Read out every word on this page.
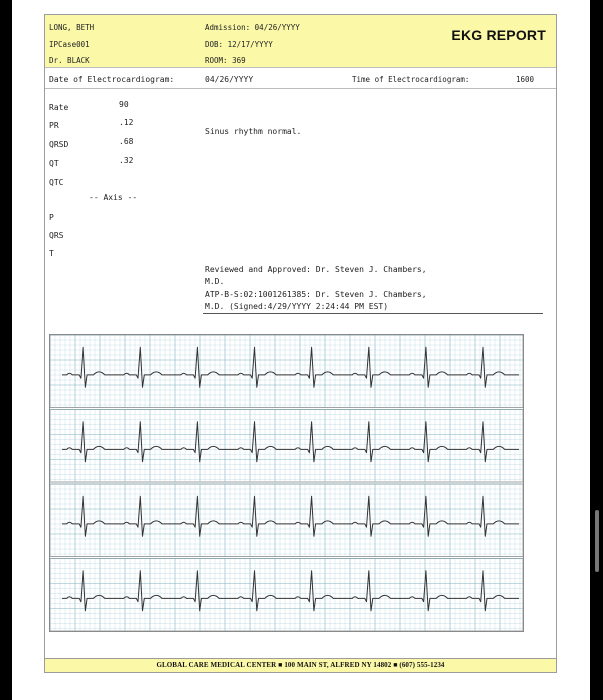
LONG, BETH
IPCase001
Dr. BLACK
Admission: 04/26/YYYY
DOB: 12/17/YYYY
ROOM: 369
EKG REPORT
Date of Electrocardiogram:	04/26/YYYY	Time of Electrocardiogram:	1600
Rate	90
PR	.12
QRSD	.68
QT	.32
QTC
Sinus rhythm normal.
-- Axis --
P
QRS
T
Reviewed and Approved: Dr. Steven J. Chambers,
M.D.
ATP-B-S:02:1001261385: Dr. Steven J. Chambers,
M.D. (Signed:4/29/YYYY 2:24:44 PM EST)
GLOBAL CARE MEDICAL CENTER ■ 100 MAIN ST, ALFRED NY 14802 ■ (607) 555-1234
